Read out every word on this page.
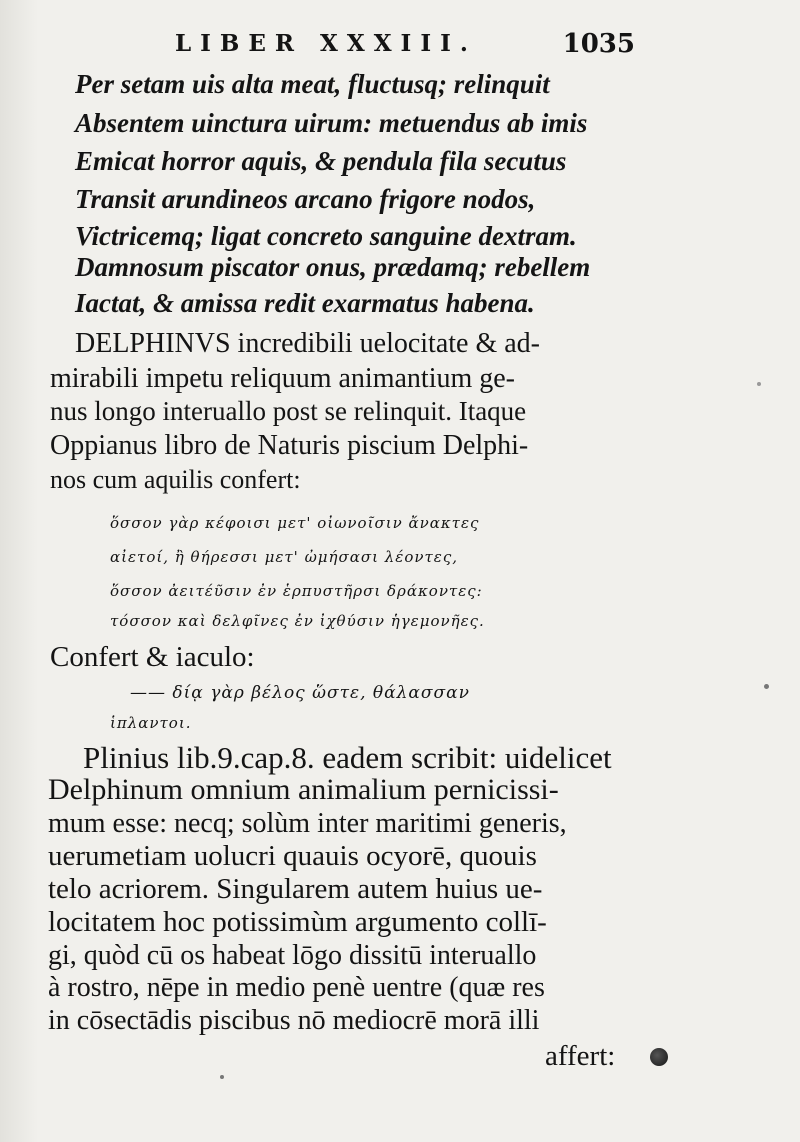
LIBER XXXIII.	1035
Per setam uis alta meat, fluctusq; relinquit
Absentem uinctura uirum: metuendus ab imis
Emicat horror aquis, & pendula fila secutus
Transit arundineos arcano frigore nodos,
Victricemq; ligat concreto sanguine dextram.
Damnosum piscator onus, prædamq; rebellem
Iactat, & amissa redit exarmatus habena.
DELPHINVS incredibili uelocitate & ad-
mirabili impetu reliquum animantium ge-
nus longo interuallo post se relinquit. Itaque
Oppianus libro de Naturis piscium Delphi-
nos cum aquilis confert:
ὅσσον γὰρ κέφοισι μετ' οἰωνοῖσιν ἄνακτες
αἰετοί, ἢ θήρεσσι μετ' ὠμήσασι λέοντες,
ὅσσον ἀειτέῦσιν ἐν ἑρπυστῆρσι δράκοντες:
τόσσον καὶ δελφῖνες ἐν ἰχθύσιν ἡγεμονῆες.
Confert & iaculo:
—— δίᾳ γὰρ βέλος ὥστε, θάλασσαν
ἱπλαντοι.
Plinius lib.9.cap.8. eadem scribit: uidelicet
Delphinum omnium animalium pernicissi-
mum esse: necq; solùm inter maritimi generis,
uerumetiam uolucri quauis ocyorē, quouis
telo acriorem. Singularem autem huius ue-
locitatem hoc potissimùm argumento collī-
gi, quòd cū os habeat lōgo dissitū interuallo
à rostro, nēpe in medio penè uentre (quæ res
in cōsectādis piscibus nō mediocrē morā illi
affert:
